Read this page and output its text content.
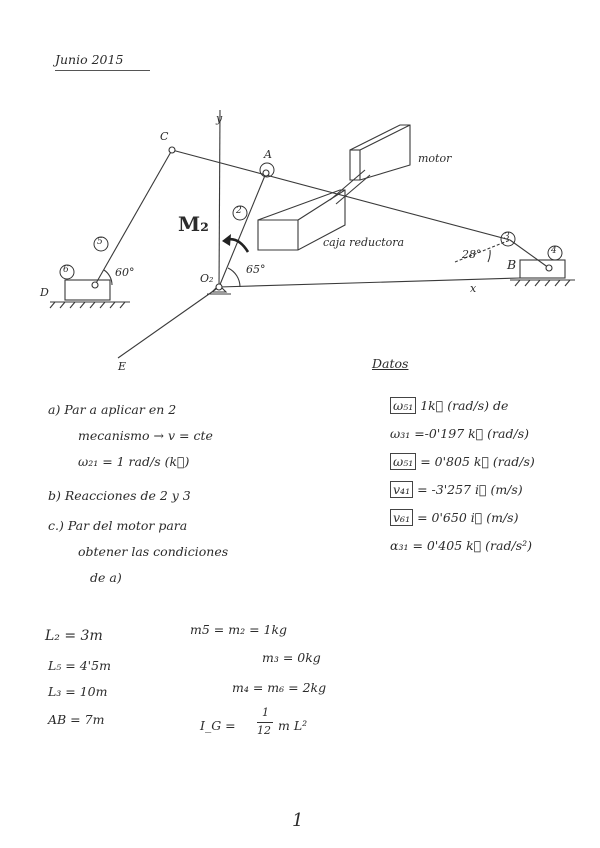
Junio 2015
y
x
C
A
B
D
E
M₂
O₂
motor
caja reductora
60°	65°
28°
6
5
2
3
4
Datos
ω₅₁ 1k⃗ (rad/s) de
ω₃₁ =-0'197 k⃗ (rad/s)
ω₅₁ = 0'805 k⃗ (rad/s)
v₄₁ = -3'257 i⃗ (m/s)
v₆₁ = 0'650 i⃗ (m/s)
α₃₁ = 0'405 k⃗ (rad/s²)
a) Par a aplicar en 2
mecanismo → v = cte
ω₂₁ = 1 rad/s (k⃗)
b) Reacciones de 2 y 3
c.) Par del motor para
obtener las condiciones
de a)
L₂ = 3m
L₅ = 4'5m
L₃ = 10m
AB = 7m
m5 = m₂ = 1kg
m₃ = 0kg
m₄ = m₆ = 2kg
I_G =
1
12 m L²
1
